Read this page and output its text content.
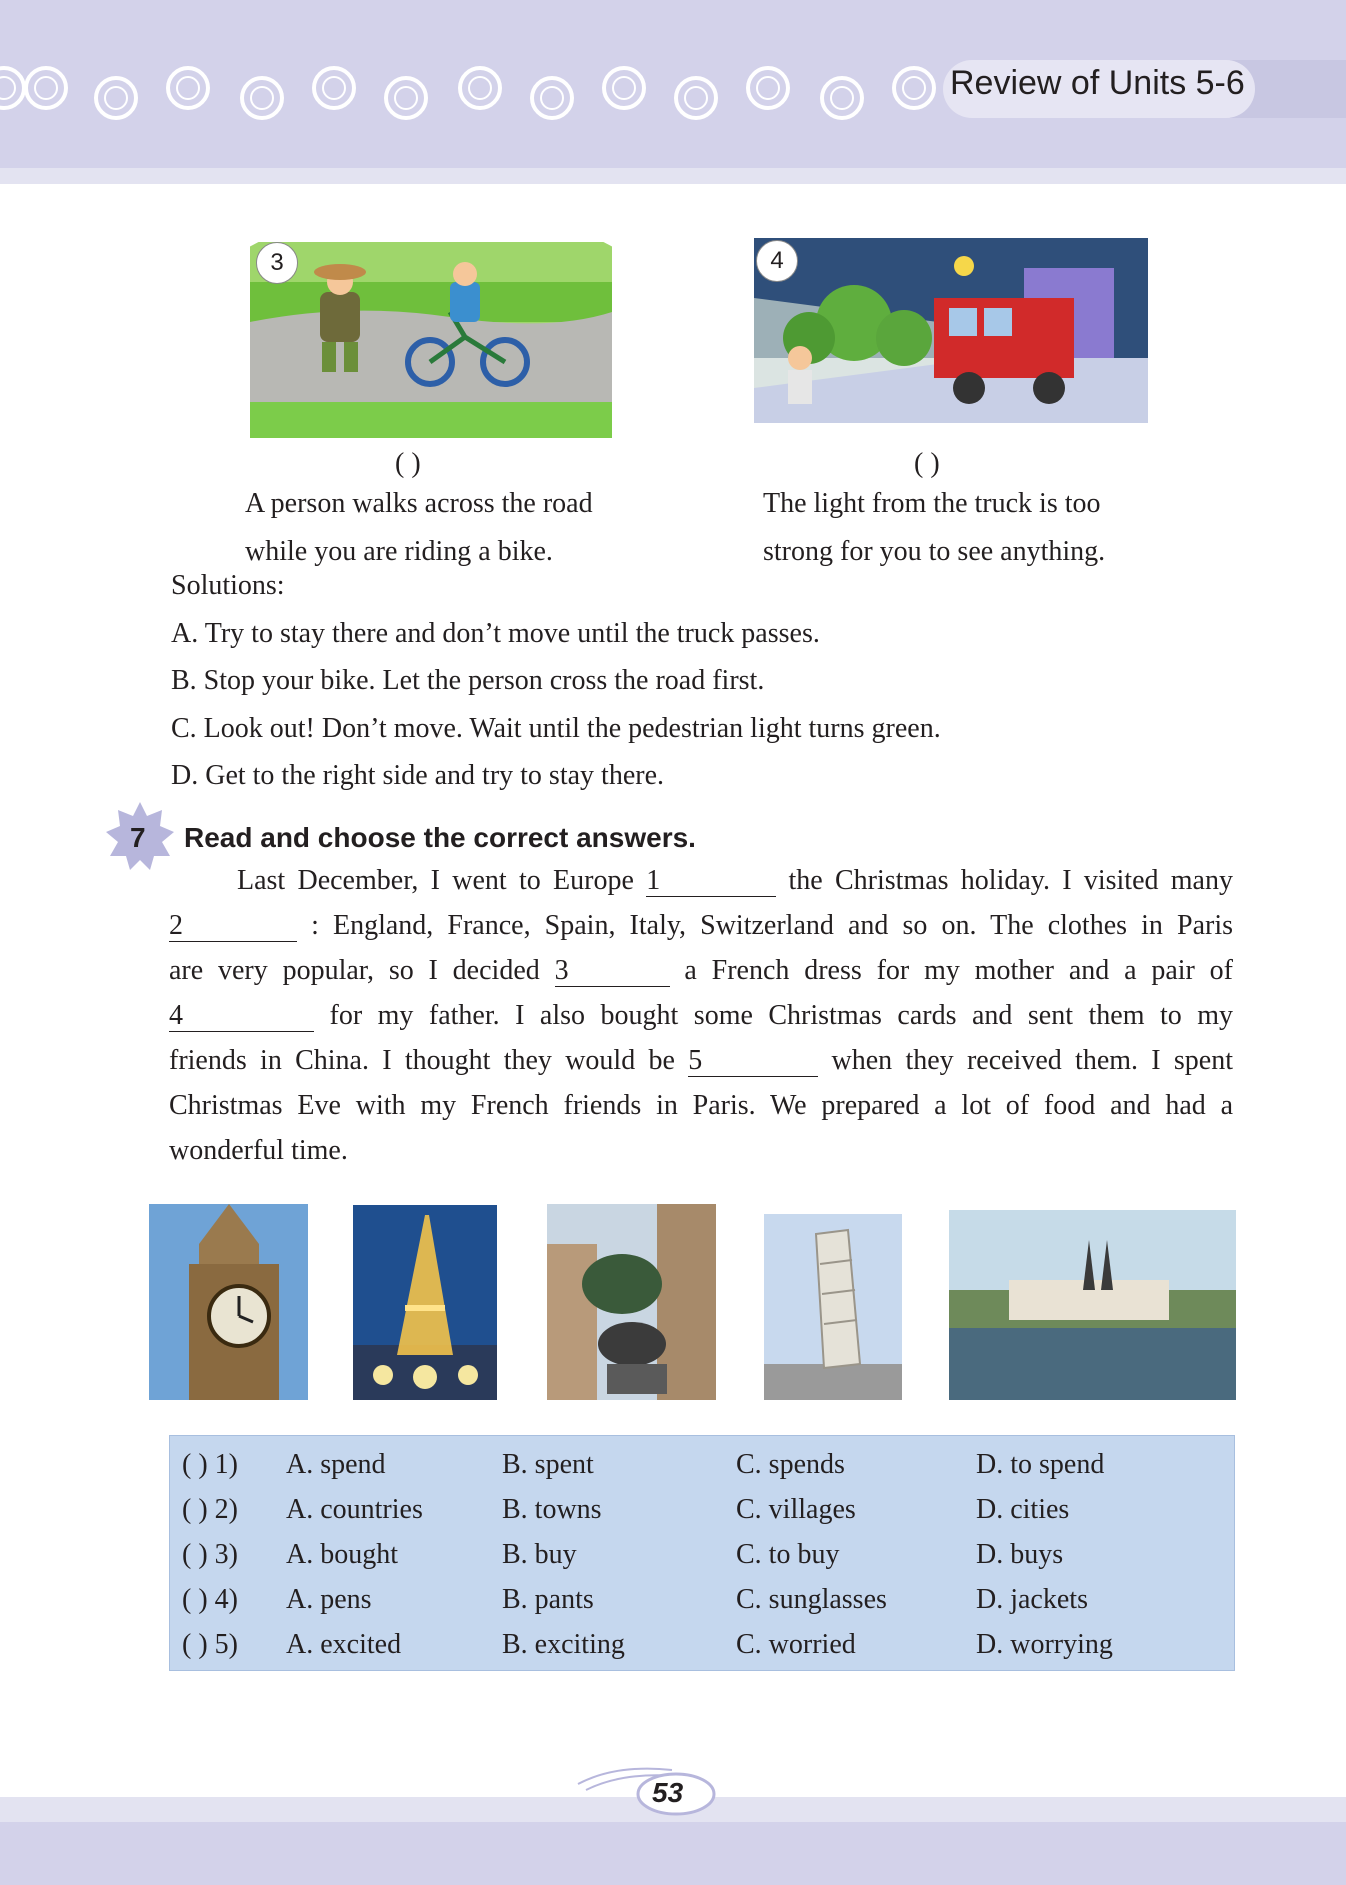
Review of Units 5-6
3	4
( )	( )
A person walks across the road
while you are riding a bike.
The light from the truck is too
strong for you to see anything.
Solutions:
A. Try to stay there and don’t move until the truck passes.
B. Stop your bike. Let the person cross the road first.
C. Look out! Don’t move. Wait until the pedestrian light turns green.
D. Get to the right side and try to stay there.
7 Read and choose the correct answers.
Last December, I went to Europe 1	the Christmas holiday. I visited many
2	: England, France, Spain, Italy, Switzerland and so on. The clothes in Paris
are very popular, so I decided 3	a French dress for my mother and a pair of
4	for my father. I also bought some Christmas cards and sent them to my
friends in China. I thought they would be 5	when they received them. I spent
Christmas Eve with my French friends in Paris. We prepared a lot of food and had a
wonderful time.
( ) 1) A. spend	B. spent	C. spends	D. to spend
( ) 2) A. countries	B. towns	C. villages	D. cities
( ) 3) A. bought	B. buy	C. to buy	D. buys
( ) 4) A. pens	B. pants	C. sunglasses	D. jackets
( ) 5) A. excited	B. exciting	C. worried	D. worrying
53
